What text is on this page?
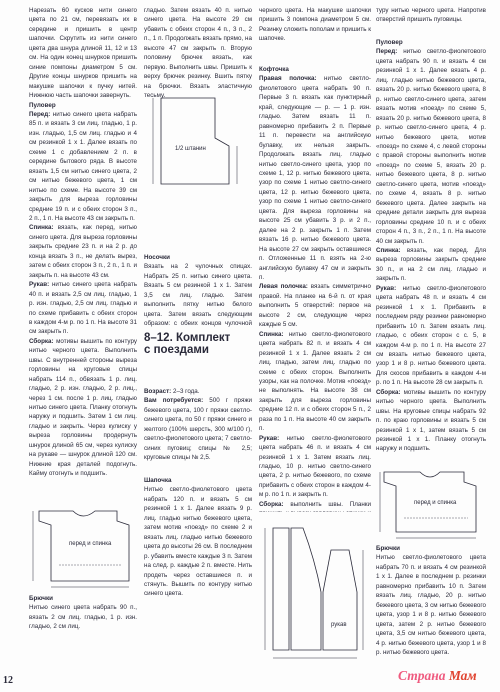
Нарезать 60 кусков нити синего цвета по 21 см, перевязать их в середине и пришить в центр шапочки. Скрутить из нити синего цвета два шнура длиной 11, 12 и 13 см. На один конец шнурков пришить синие помпоны диаметром 5 см. Другие концы шнурков пришить на макушке шапочки к пучку нитей. Нижнюю часть шапочки завернуть.

Пуловер

Перед: нитью синего цвета набрать 85 п. и вязать 3 см лиц. гладью, 1 р. изн. гладью, 1,5 см лиц. гладью и 4 см резинкой 1 х 1. Далее вязать по схеме 1 с добавлением 2 п. в середине бытового ряда. В высоте вязать 1,5 см нитью синего цвета, 2 см нитью бежевого цвета, 1 см нитью по схеме. На высоте 39 см закрыть для выреза горловины средние 19 п. и с обеих сторон 3 п., 2 п., 1 п. На высоте 43 см закрыть п.

Спинка: вязать, как перед, нитью синего цвета. Для выреза горловины закрыть средние 23 п. и на 2 р. до конца вязать 3 п., не делать вырез, затем с обеих сторон 3 п., 2 п., 1 п. и закрыть п. на высоте 43 см.

Рукав: нитью синего цвета набрать 40 п. и вязать 2,5 см лиц. гладью, 1 р. изн. гладью, 2,5 см лиц. гладью и по схеме прибавить с обеих сторон в каждом 4-м р. по 1 п. На высоте 31 см закрыть п.

Сборка: мотивы вышить по контуру нитью черного цвета. Выполнить швы. С внутренней стороны выреза горловины на круговые спицы набрать 114 п., обвязать 1 р. лиц. гладью, 2 р. изн. гладью, 2 р. лиц., через 1 см. после 1 р. лиц. гладью нитью синего цвета. Планку отогнуть наружу и подшить. Затем 1 см лиц. гладью и закрыть. Через кулиску у выреза горловины продернуть шнурок длиной 65 см, через кулиску на рукаве — шнурок длиной 120 см. Нижние края деталей подогнуть. Кайму отогнуть и подшить.

перед и спинка

Брючки

Нитью синего цвета набрать 90 п., вязать 2 см лиц. гладью, 1 р. изн. гладью, 2 см лиц.

гладью. Затем вязать 40 п. нитью синего цвета. На высоте 29 см убавить с обеих сторон 4 п., 3 п., 2 п., 1 п. Продолжать вязать прямо, на высоте 47 см закрыть п. Вторую половину брючек вязать, как первую. Выполнить швы. Пришить к верху брючек резинку. Вшить пятку на брючки. Вязать эластичную тесьму.

1/2 штанин

Носочки

Вязать на 2 чулочных спицах. Набрать 25 п. нитью синего цвета. Вязать 5 см резинкой 1 х 1. Затем 3,5 см лиц. гладью. Затем выполнить пятку нитью белого цвета. Затем вязать следующим образом: с обеих концов чулочной

8–12. Комплект
с поездами

Возраст: 2–3 года.

Вам потребуется: 500 г пряжи бежевого цвета, 100 г пряжи светло-синего цвета, по 50 г пряжи синего и желтого (100% шерсть, 300 м/100 г), светло-фиолетового цвета; 7 светло-синих пуговиц; спицы № 2,5; круговые спицы № 2,5.

Шапочка

Нитью светло-фиолетового цвета набрать 120 п. и вязать 5 см резинкой 1 х 1. Далее вязать 9 р. лиц. гладью нитью бежевого цвета, затем мотив «поезд» по схеме 2 и вязать лиц. гладью нитью бежевого цвета до высоты 26 см. В последнем р. убавить вместе каждые 3 п. Затем на след. р. каждые 2 п. вместе. Нить продеть через оставшиеся п. и стянуть. Вышить по контуру нитью синего цвета.

черного цвета. На макушке шапочки пришить 3 помпона диаметром 5 см. Резинку сложить пополам и пришить к шапочке.

Кофточка

Правая полочка: нитью светло-фиолетового цвета набрать 90 п. Первые 3 п. вязать как пунктирный край, следующие — р. — 1 р. изн. гладью. Затем вязать 11 п. равномерно прибавить 2 п. Первые 11 п. перевести на английскую булавку, их нельзя закрыть. Продолжать вязать лиц. гладью нитью светло-синего цвета, узор по схеме 1, 12 р. нитью бежевого цвета, узор по схеме 1 нитью светло-синего цвета, 12 р. нитью бежевого цвета, узор по схеме 1 нитью светло-синего цвета. Для выреза горловины на высоте 25 см убавить 3 р. и 2 п., далее на 2 р. закрыть 1 п. Затем вязать 16 р. нитью бежевого цвета. На высоте 27 см закрыть оставшиеся п. Отложенные 11 п. взять на 2-ю английскую булавку 47 см и закрыть п.

Левая полочка: вязать симметрично правой. На планке на 6-й п. от края выполнить 5 отверстий: первое на высоте 2 см, следующие через каждые 5 см.

Спинка: нитью светло-фиолетового цвета набрать 82 п. и вязать 4 см резинкой 1 х 1. Далее вязать 2 см лиц. гладью, затем лиц. гладью по схеме с обеих сторон. Выполнить узоры, как на полочке. Мотив «поезд» не выполнять. На высоте 38 см закрыть для выреза горловины средние 12 п. и с обеих сторон 5 п., 2 раза по 1 п. На высоте 40 см закрыть п.

Рукав: нитью светло-фиолетового цвета набрать 46 п. и вязать 4 см резинкой 1 х 1. Затем вязать лиц. гладью, 10 р. нитью светло-синего цвета, 2 р. нитью бежевого, по схеме прибавить с обеих сторон в каждом 4-м р. по 1 п. и закрыть п.

Сборка: выполнить швы. Планки

рукав

туру нитью черного цвета. Напротив отверстий пришить пуговицы.

Пуловер

Перед: нитью светло-фиолетового цвета набрать 90 п. и вязать 4 см резинкой 1 х 1. Далее вязать 4 р. лиц. гладью нитью бежевого цвета, вязать 20 р. нитью бежевого цвета, 8 р. нитью светло-синего цвета, затем вязать мотив «поезд» по схеме 5, вязать 20 р. нитью бежевого цвета, 8 р. нитью светло-синего цвета, 4 р. нитью бежевого цвета, мотив «поезд» по схеме 4, с левой стороны с правой стороны выполнить мотив «поезд» по схеме 5, вязать 20 р. нитью бежевого цвета, 8 р. нитью светло-синего цвета, мотив «поезд» по схеме 4, вязать 8 р. нитью бежевого цвета. Далее закрыть на средние детали закрыть для выреза горловины средние 10 п. и с обеих сторон 4 п., 3 п., 2 п., 1 п. На высоте 40 см закрыть п.

Спинка: вязать, как перед. Для выреза горловины закрыть средние 30 п., и на 2 см лиц. гладью и закрыть п.

Рукав: нитью светло-фиолетового цвета набрать 48 п. и вязать 4 см резинкой 1 х 1. Прибавить в последнем ряду резинки равномерно прибавить 10 п. Затем вязать лиц. гладью, с обеих сторон с с. 5, в каждом 4-м р. по 1 п. На высоте 27 см вязать нитью бежевого цвета, узор 1 и 8 р. нитью бежевого цвета. Для скосов прибавить в каждом 4-м р. по 1 п. На высоте 28 см закрыть п.

Сборка: мотивы вышить по контуру нитью черного цвета. Выполнить швы. На круговые спицы набрать 92 п. по краю горловины и вязать 5 см резинкой 1 х 1, затем вязать 5 см резинкой 1 х 1. Планку отогнуть наружу и подшить.

перед и спинка

Брючки

Нитью светло-фиолетового цвета набрать 70 п. и вязать 4 см резинкой 1 х 1. Далее в последнем р. резинки равномерно прибавить 10 п. Затем вязать лиц. гладью, 20 р. нитью бежевого цвета, 3 см нитью бежевого цвета, узор 1 и 8 р. нитью бежевого цвета, затем 2 р. нитью бежевого цвета, 3,5 см нитью бежевого цвета, 4 р. нитью бежевого цвета, узор 1 и 8 р. нитью бежевого цвета.

12	Страна Мам
